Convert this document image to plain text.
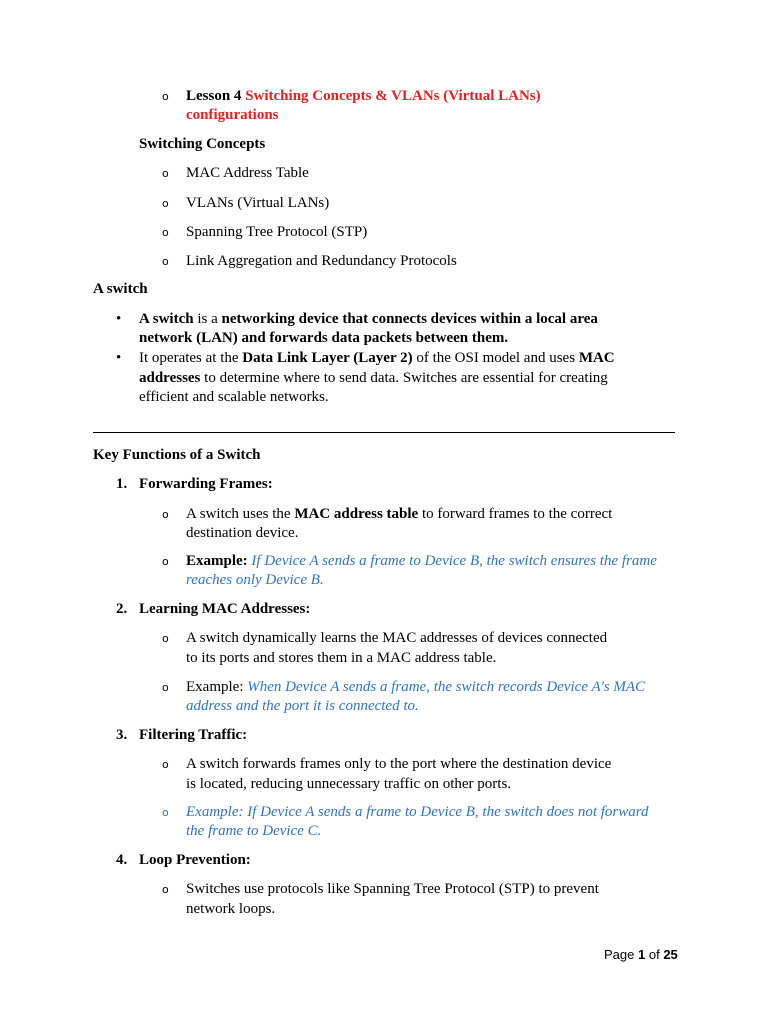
o Lesson 4 Switching Concepts & VLANs (Virtual LANs)
configurations
Switching Concepts
o MAC Address Table
o VLANs (Virtual LANs)
o Spanning Tree Protocol (STP)
o Link Aggregation and Redundancy Protocols
A switch
• A switch is a networking device that connects devices within a local area
network (LAN) and forwards data packets between them.
• It operates at the Data Link Layer (Layer 2) of the OSI model and uses MAC
addresses to determine where to send data. Switches are essential for creating
efficient and scalable networks.
Key Functions of a Switch
1. Forwarding Frames:
o A switch uses the MAC address table to forward frames to the correct
destination device.
o Example: If Device A sends a frame to Device B, the switch ensures the frame
reaches only Device B.
2. Learning MAC Addresses:
o A switch dynamically learns the MAC addresses of devices connected
to its ports and stores them in a MAC address table.
o Example: When Device A sends a frame, the switch records Device A's MAC
address and the port it is connected to.
3. Filtering Traffic:
o A switch forwards frames only to the port where the destination device
is located, reducing unnecessary traffic on other ports.
o Example: If Device A sends a frame to Device B, the switch does not forward
the frame to Device C.
4. Loop Prevention:
o Switches use protocols like Spanning Tree Protocol (STP) to prevent
network loops.
Page 1 of 25
